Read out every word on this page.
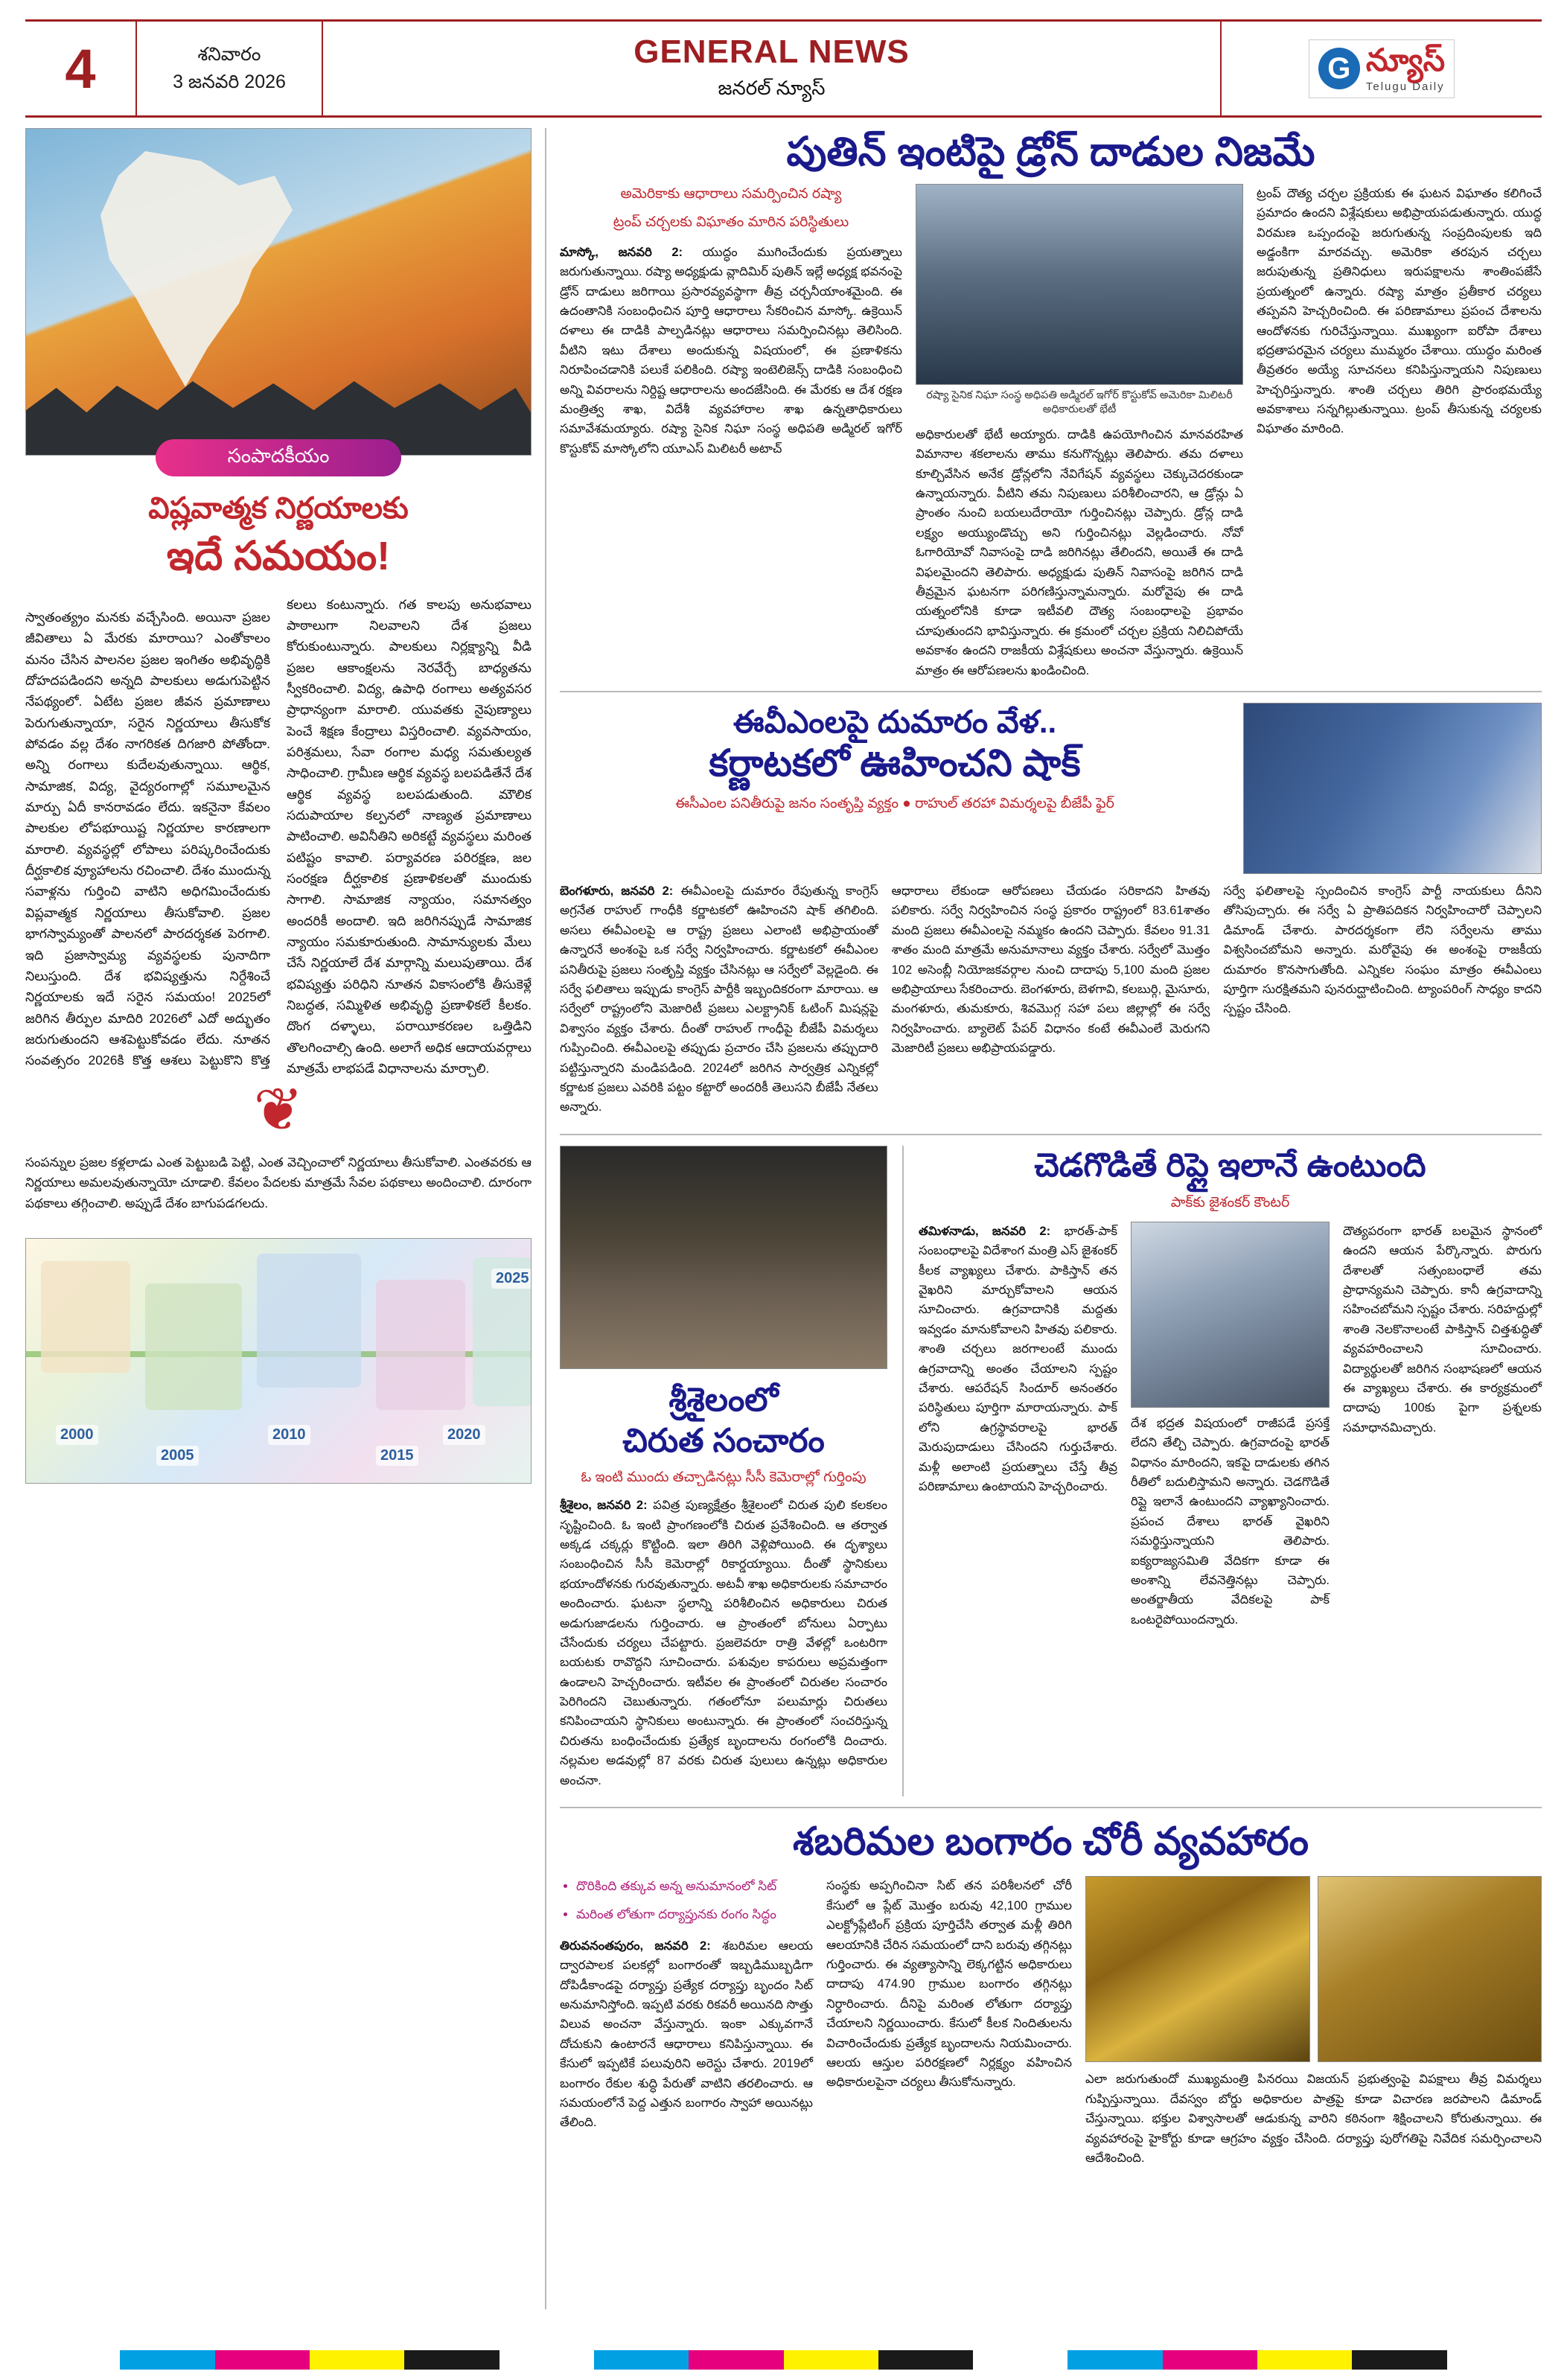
4	శనివారం
3 జనవరి 2026
GENERAL NEWS
జనరల్ న్యూస్
G న్యూస్
Telugu Daily
సంపాదకీయం
విష్లవాత్మక నిర్ణయాలకు
ఇదే సమయం!

స్వాతంత్య్రం మనకు వచ్చేసింది. అయినా ప్రజల జీవితాలు ఏ మేరకు మారాయి? ఎంతోకాలం మనం చేసిన పాలనల ప్రజల ఇంగితం అభివృద్ధికి దోహదపడిందని అన్నది పాలకులు అడుగుపెట్టిన నేపథ్యంలో. ఏటేట ప్రజల జీవన ప్రమాణాలు పెరుగుతున్నాయా, సరైన నిర్ణయాలు తీసుకోక పోవడం వల్ల దేశం నాగరికత దిగజారి పోతోందా. అన్ని రంగాలు కుదేలవుతున్నాయి. ఆర్థిక, సామాజిక, విద్య, వైద్యరంగాల్లో సమూలమైన మార్పు ఏదీ కానరావడం లేదు. ఇకనైనా కేవలం పాలకుల లోపభూయిష్ట నిర్ణయాల కారణాలగా మారాలి. వ్యవస్థల్లో లోపాలు పరిష్కరించేందుకు దీర్ఘకాలిక వ్యూహాలను రచించాలి. దేశం ముందున్న సవాళ్లను గుర్తించి వాటిని అధిగమించేందుకు విప్లవాత్మక నిర్ణయాలు తీసుకోవాలి. ప్రజల భాగస్వామ్యంతో పాలనలో పారదర్శకత పెరగాలి. ఇది ప్రజాస్వామ్య వ్యవస్థలకు పునాదిగా నిలుస్తుంది. దేశ భవిష్యత్తును నిర్దేశించే నిర్ణయాలకు ఇదే సరైన సమయం! 2025లో జరిగిన తీర్పుల మాదిరి 2026లో ఎదో అద్భుతం జరుగుతుందని ఆశపెట్టుకోవడం లేదు. నూతన సంవత్సరం 2026కి కొత్త ఆశలు పెట్టుకొని కొత్త కలలు కంటున్నారు. గత కాలపు అనుభవాలు పాఠాలుగా నిలవాలని దేశ ప్రజలు కోరుకుంటున్నారు. పాలకులు నిర్లక్ష్యాన్ని వీడి ప్రజల ఆకాంక్షలను నెరవేర్చే బాధ్యతను స్వీకరించాలి. విద్య, ఉపాధి రంగాలు అత్యవసర ప్రాధాన్యంగా మారాలి. యువతకు నైపుణ్యాలు పెంచే శిక్షణ కేంద్రాలు విస్తరించాలి. వ్యవసాయం, పరిశ్రమలు, సేవా రంగాల మధ్య సమతుల్యత సాధించాలి. గ్రామీణ ఆర్థిక వ్యవస్థ బలపడితేనే దేశ ఆర్థిక వ్యవస్థ బలపడుతుంది. మౌలిక సదుపాయాల కల్పనలో నాణ్యత ప్రమాణాలు పాటించాలి. అవినీతిని అరికట్టే వ్యవస్థలు మరింత పటిష్టం కావాలి. పర్యావరణ పరిరక్షణ, జల సంరక్షణ దీర్ఘకాలిక ప్రణాళికలతో ముందుకు సాగాలి. సామాజిక న్యాయం, సమానత్వం అందరికీ అందాలి. ఇది జరిగినప్పుడే సామాజిక న్యాయం సమకూరుతుంది. సామాన్యులకు మేలు చేసే నిర్ణయాలే దేశ మార్గాన్ని మలుపుతాయి. దేశ భవిష్యత్తు పరిధిని నూతన వికాసంలోకి తీసుకెళ్లే నిబద్ధత, సమ్మిళిత అభివృద్ధి ప్రణాళికలే కీలకం. దొంగ దళ్ళాలు, పరాయీకరణల ఒత్తిడిని తొలగించాల్సి ఉంది. అలాగే అధిక ఆదాయవర్గాలు మాత్రమే లాభపడే విధానాలను మార్చాలి.

❦

సంపన్నుల ప్రజల కళ్లలాడు ఎంత పెట్టుబడి పెట్టి, ఎంత వెచ్చించాలో నిర్ణయాలు తీసుకోవాలి. ఎంతవరకు ఆ నిర్ణయాలు అమలవుతున్నాయో చూడాలి. కేవలం పేదలకు మాత్రమే సేవల పథకాలు అందించాలి. దూరంగా పథకాలు తగ్గించాలి. అప్పుడే దేశం బాగుపడగలదు.

2000
2005
2010
2015
2020
2025
పుతిన్ ఇంటిపై డ్రోన్ దాడుల నిజమే
అమెరికాకు ఆధారాలు సమర్పించిన రష్యా
ట్రంప్ చర్చలకు విఘాతం మారిన పరిస్థితులు

మాస్కో, జనవరి 2: యుద్ధం ముగించేందుకు ప్రయత్నాలు జరుగుతున్నాయి. రష్యా అధ్యక్షుడు వ్లాదిమిర్ పుతిన్ ఇల్లే అధ్యక్ష భవనంపై డ్రోన్ దాడులు జరిగాయి ప్రసారవ్యవస్థాగా తీవ్ర చర్చనీయాంశమైంది. ఈ ఉదంతానికి సంబంధించిన పూర్తి ఆధారాలు సేకరించిన మాస్కో. ఉక్రెయిన్ దళాలు ఈ దాడికి పాల్పడినట్లు ఆధారాలు సమర్పించినట్లు తెలిసింది. వీటిని ఇటు దేశాలు అందుకున్న విషయంలో, ఈ ప్రణాళికను నిరూపించడానికి పలుకే పలికింది. రష్యా ఇంటెలిజెన్స్ దాడికి సంబంధించి అన్ని వివరాలను నిర్దిష్ట ఆధారాలను అందజేసింది. ఈ మేరకు ఆ దేశ రక్షణ మంత్రిత్వ శాఖ, విదేశీ వ్యవహారాల శాఖ ఉన్నతాధికారులు సమావేశమయ్యారు. రష్యా సైనిక నిఘా సంస్థ అధిపతి అడ్మిరల్ ఇగోర్ కొస్టుకోవ్ మాస్కోలోని యూఎస్ మిలిటరీ అటాచ్

రష్యా సైనిక నిఘా సంస్థ అధిపతి అడ్మిరల్ ఇగోర్ కొస్టుకోవ్ అమెరికా మిలిటరీ అధికారులతో భేటీ
అధికారులతో భేటీ అయ్యారు. దాడికి ఉపయోగించిన మానవరహిత విమానాల శకలాలను తాము కనుగొన్నట్లు తెలిపారు. తమ దళాలు కూల్చివేసిన అనేక డ్రోన్లలోని నేవిగేషన్ వ్యవస్థలు చెక్కుచెదరకుండా ఉన్నాయన్నారు. వీటిని తమ నిపుణులు పరిశీలించారని, ఆ డ్రోన్లు ఏ ప్రాంతం నుంచి బయలుదేరాయో గుర్తించినట్లు చెప్పారు. డ్రోన్ల దాడి లక్ష్యం అయ్యుండొచ్చు అని గుర్తించినట్లు వెల్లడించారు. నోవో ఓగారియోవో నివాసంపై దాడి జరిగినట్లు తేలిందని, అయితే ఈ దాడి విఫలమైందని తెలిపారు. అధ్యక్షుడు పుతిన్ నివాసంపై జరిగిన దాడి తీవ్రమైన ఘటనగా పరిగణిస్తున్నామన్నారు. మరోవైపు ఈ దాడి యత్నంలోనికి కూడా ఇటీవలి దౌత్య సంబంధాలపై ప్రభావం చూపుతుందని భావిస్తున్నారు. ఈ క్రమంలో చర్చల ప్రక్రియ నిలిచిపోయే అవకాశం ఉందని రాజకీయ విశ్లేషకులు అంచనా వేస్తున్నారు. ఉక్రెయిన్ మాత్రం ఈ ఆరోపణలను ఖండించింది.
ట్రంప్ దౌత్య చర్చల ప్రక్రియకు ఈ ఘటన విఘాతం కలిగించే ప్రమాదం ఉందని విశ్లేషకులు అభిప్రాయపడుతున్నారు. యుద్ధ విరమణ ఒప్పందంపై జరుగుతున్న సంప్రదింపులకు ఇది అడ్డంకిగా మారవచ్చు. అమెరికా తరపున చర్చలు జరుపుతున్న ప్రతినిధులు ఇరుపక్షాలను శాంతింపజేసే ప్రయత్నంలో ఉన్నారు. రష్యా మాత్రం ప్రతీకార చర్యలు తప్పవని హెచ్చరించింది. ఈ పరిణామాలు ప్రపంచ దేశాలను ఆందోళనకు గురిచేస్తున్నాయి. ముఖ్యంగా ఐరోపా దేశాలు భద్రతాపరమైన చర్యలు ముమ్మరం చేశాయి. యుద్ధం మరింత తీవ్రతరం అయ్యే సూచనలు కనిపిస్తున్నాయని నిపుణులు హెచ్చరిస్తున్నారు. శాంతి చర్చలు తిరిగి ప్రారంభమయ్యే అవకాశాలు సన్నగిల్లుతున్నాయి. ట్రంప్ తీసుకున్న చర్యలకు విఘాతం మారింది.
ఈవీఎంలపై దుమారం వేళ..
కర్ణాటకలో ఊహించని షాక్
ఈసీఎంల పనితీరుపై జనం సంతృప్తి వ్యక్తం ● రాహుల్ తరహా విమర్శలపై బీజేపీ ఫైర్

బెంగళూరు, జనవరి 2: ఈవీఎంలపై దుమారం రేపుతున్న కాంగ్రెస్ అగ్రనేత రాహుల్ గాంధీకి కర్ణాటకలో ఊహించని షాక్ తగిలింది. అసలు ఈవీఎంలపై ఆ రాష్ట్ర ప్రజలు ఎలాంటి అభిప్రాయంతో ఉన్నారనే అంశంపై ఒక సర్వే నిర్వహించారు. కర్ణాటకలో ఈవీఎంల పనితీరుపై ప్రజలు సంతృప్తి వ్యక్తం చేసినట్లు ఆ సర్వేలో వెల్లడైంది. ఈ సర్వే ఫలితాలు ఇప్పుడు కాంగ్రెస్ పార్టీకి ఇబ్బందికరంగా మారాయి. ఆ సర్వేలో రాష్ట్రంలోని మెజారిటీ ప్రజలు ఎలక్ట్రానిక్ ఓటింగ్ మిషన్లపై విశ్వాసం వ్యక్తం చేశారు. దీంతో రాహుల్ గాంధీపై బీజేపీ విమర్శలు గుప్పించింది. ఈవీఎంలపై తప్పుడు ప్రచారం చేసి ప్రజలను తప్పుదారి పట్టిస్తున్నారని మండిపడింది. 2024లో జరిగిన సార్వత్రిక ఎన్నికల్లో కర్ణాటక ప్రజలు ఎవరికి పట్టం కట్టారో అందరికీ తెలుసని బీజేపీ నేతలు అన్నారు.

ఆధారాలు లేకుండా ఆరోపణలు చేయడం సరికాదని హితవు పలికారు. సర్వే నిర్వహించిన సంస్థ ప్రకారం రాష్ట్రంలో 83.61శాతం మంది ప్రజలు ఈవీఎంలపై నమ్మకం ఉందని చెప్పారు. కేవలం 91.31 శాతం మంది మాత్రమే అనుమానాలు వ్యక్తం చేశారు. సర్వేలో మొత్తం 102 అసెంబ్లీ నియోజకవర్గాల నుంచి దాదాపు 5,100 మంది ప్రజల అభిప్రాయాలు సేకరించారు. బెంగళూరు, బెళగావి, కలబుర్గి, మైసూరు, మంగళూరు, తుమకూరు, శివమొగ్గ సహా పలు జిల్లాల్లో ఈ సర్వే నిర్వహించారు. బ్యాలెట్ పేపర్ విధానం కంటే ఈవీఎంలే మెరుగని మెజారిటీ ప్రజలు అభిప్రాయపడ్డారు.
సర్వే ఫలితాలపై స్పందించిన కాంగ్రెస్ పార్టీ నాయకులు దీనిని తోసిపుచ్చారు. ఈ సర్వే ఏ ప్రాతిపదికన నిర్వహించారో చెప్పాలని డిమాండ్ చేశారు. పారదర్శకంగా లేని సర్వేలను తాము విశ్వసించబోమని అన్నారు. మరోవైపు ఈ అంశంపై రాజకీయ దుమారం కొనసాగుతోంది. ఎన్నికల సంఘం మాత్రం ఈవీఎంలు పూర్తిగా సురక్షితమని పునరుద్ఘాటించింది. ట్యాంపరింగ్ సాధ్యం కాదని స్పష్టం చేసింది.
శ్రీశైలంలో
చిరుత సంచారం
ఓ ఇంటి ముందు తచ్చాడినట్లు సీసీ కెమెరాల్లో గుర్తింపు

శ్రీశైలం, జనవరి 2: పవిత్ర పుణ్యక్షేత్రం శ్రీశైలంలో చిరుత పులి కలకలం సృష్టించింది. ఓ ఇంటి ప్రాంగణంలోకి చిరుత ప్రవేశించింది. ఆ తర్వాత అక్కడ చక్కర్లు కొట్టింది. ఇలా తిరిగి వెళ్లిపోయింది. ఈ దృశ్యాలు సంబంధించిన సీసీ కెమెరాల్లో రికార్డయ్యాయి. దీంతో స్థానికులు భయాందోళనకు గురవుతున్నారు. అటవీ శాఖ అధికారులకు సమాచారం అందించారు. ఘటనా స్థలాన్ని పరిశీలించిన అధికారులు చిరుత అడుగుజాడలను గుర్తించారు. ఆ ప్రాంతంలో బోనులు ఏర్పాటు చేసేందుకు చర్యలు చేపట్టారు. ప్రజలెవరూ రాత్రి వేళల్లో ఒంటరిగా బయటకు రావొద్దని సూచించారు. పశువుల కాపరులు అప్రమత్తంగా ఉండాలని హెచ్చరించారు. ఇటీవల ఈ ప్రాంతంలో చిరుతల సంచారం పెరిగిందని చెబుతున్నారు. గతంలోనూ పలుమార్లు చిరుతలు కనిపించాయని స్థానికులు అంటున్నారు. ఈ ప్రాంతంలో సంచరిస్తున్న చిరుతను బంధించేందుకు ప్రత్యేక బృందాలను రంగంలోకి దించారు. నల్లమల అడవుల్లో 87 వరకు చిరుత పులులు ఉన్నట్లు అధికారుల అంచనా.

చెడగొడితే రిప్లై ఇలానే ఉంటుంది
పాక్‌కు జైశంకర్ కౌంటర్

తమిళనాడు, జనవరి 2: భారత్-పాక్ సంబంధాలపై విదేశాంగ మంత్రి ఎస్ జైశంకర్ కీలక వ్యాఖ్యలు చేశారు. పాకిస్తాన్ తన వైఖరిని మార్చుకోవాలని ఆయన సూచించారు. ఉగ్రవాదానికి మద్దతు ఇవ్వడం మానుకోవాలని హితవు పలికారు. శాంతి చర్చలు జరగాలంటే ముందు ఉగ్రవాదాన్ని అంతం చేయాలని స్పష్టం చేశారు. ఆపరేషన్ సిందూర్ అనంతరం పరిస్థితులు పూర్తిగా మారాయన్నారు. పాక్ లోని ఉగ్రస్థావరాలపై భారత్ మెరుపుదాడులు చేసిందని గుర్తుచేశారు. మళ్లీ అలాంటి ప్రయత్నాలు చేస్తే తీవ్ర పరిణామాలు ఉంటాయని హెచ్చరించారు.

దేశ భద్రత విషయంలో రాజీపడే ప్రసక్తే లేదని తేల్చి చెప్పారు. ఉగ్రవాదంపై భారత్ విధానం మారిందని, ఇకపై దాడులకు తగిన రీతిలో బదులిస్తామని అన్నారు. చెడగొడితే రిప్లై ఇలానే ఉంటుందని వ్యాఖ్యానించారు. ప్రపంచ దేశాలు భారత్ వైఖరిని సమర్థిస్తున్నాయని తెలిపారు. ఐక్యరాజ్యసమితి వేదికగా కూడా ఈ అంశాన్ని లేవనెత్తినట్లు చెప్పారు. అంతర్జాతీయ వేదికలపై పాక్ ఒంటరైపోయిందన్నారు.
దౌత్యపరంగా భారత్ బలమైన స్థానంలో ఉందని ఆయన పేర్కొన్నారు. పొరుగు దేశాలతో సత్సంబంధాలే తమ ప్రాధాన్యమని చెప్పారు. కానీ ఉగ్రవాదాన్ని సహించబోమని స్పష్టం చేశారు. సరిహద్దుల్లో శాంతి నెలకొనాలంటే పాకిస్తాన్ చిత్తశుద్ధితో వ్యవహరించాలని సూచించారు. విద్యార్థులతో జరిగిన సంభాషణలో ఆయన ఈ వ్యాఖ్యలు చేశారు. ఈ కార్యక్రమంలో దాదాపు 100కు పైగా ప్రశ్నలకు సమాధానమిచ్చారు.
శబరిమల బంగారం చోరీ వ్యవహారం
• దొరికింది తక్కువ అన్న అనుమానంలో సిట్
• మరింత లోతుగా దర్యాప్తునకు రంగం సిద్ధం

తిరువనంతపురం, జనవరి 2: శబరిమల ఆలయ ద్వారపాలక పలకల్లో బంగారంతో ఇబ్బడిముబ్బడిగా దోపిడీకాండపై దర్యాప్తు ప్రత్యేక దర్యాప్తు బృందం సిట్ అనుమానిస్తోంది. ఇప్పటి వరకు రికవరీ అయినది సొత్తు విలువ అంచనా వేస్తున్నారు. ఇంకా ఎక్కువగానే దోచుకుని ఉంటారనే ఆధారాలు కనిపిస్తున్నాయి. ఈ కేసులో ఇప్పటికే పలువురిని అరెస్టు చేశారు. 2019లో బంగారం రేకుల శుద్ధి పేరుతో వాటిని తరలించారు. ఆ సమయంలోనే పెద్ద ఎత్తున బంగారం స్వాహా అయినట్లు తేలింది.

సంస్థకు అప్పగించినా సిట్ తన పరిశీలనలో చోరీ కేసులో ఆ ప్లేట్ మొత్తం బరువు 42,100 గ్రాముల ఎలక్ట్రోప్లేటింగ్ ప్రక్రియ పూర్తిచేసి తర్వాత మళ్లీ తిరిగి ఆలయానికి చేరిన సమయంలో దాని బరువు తగ్గినట్లు గుర్తించారు. ఈ వ్యత్యాసాన్ని లెక్కగట్టిన అధికారులు దాదాపు 474.90 గ్రాముల బంగారం తగ్గినట్లు నిర్ధారించారు. దీనిపై మరింత లోతుగా దర్యాప్తు చేయాలని నిర్ణయించారు. కేసులో కీలక నిందితులను విచారించేందుకు ప్రత్యేక బృందాలను నియమించారు. ఆలయ ఆస్తుల పరిరక్షణలో నిర్లక్ష్యం వహించిన అధికారులపైనా చర్యలు తీసుకోనున్నారు.	ఎలా జరుగుతుందో ముఖ్యమంత్రి పినరయి విజయన్ ప్రభుత్వంపై విపక్షాలు తీవ్ర విమర్శలు గుప్పిస్తున్నాయి. దేవస్వం బోర్డు అధికారుల పాత్రపై కూడా విచారణ జరపాలని డిమాండ్ చేస్తున్నాయి. భక్తుల విశ్వాసాలతో ఆడుకున్న వారిని కఠినంగా శిక్షించాలని కోరుతున్నాయి. ఈ వ్యవహారంపై హైకోర్టు కూడా ఆగ్రహం వ్యక్తం చేసింది. దర్యాప్తు పురోగతిపై నివేదిక సమర్పించాలని ఆదేశించింది.
